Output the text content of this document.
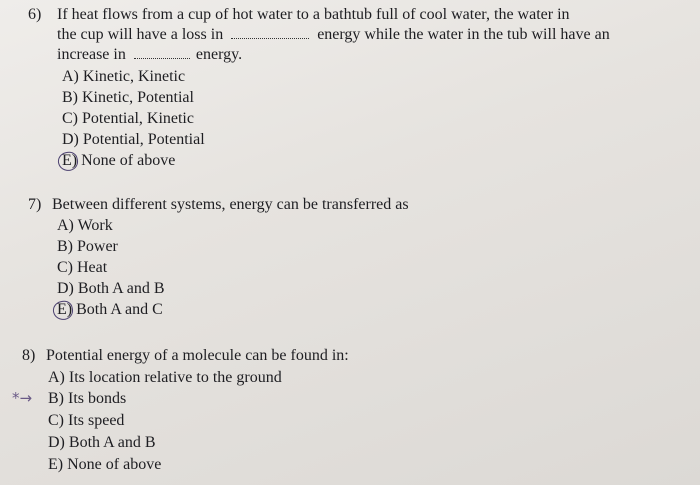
6) If heat flows from a cup of hot water to a bathtub full of cool water, the water in
the cup will have a loss in	energy while the water in the tub will have an
increase in	energy.
A) Kinetic, Kinetic
B) Kinetic, Potential
C) Potential, Kinetic
D) Potential, Potential
E) None of above
7) Between different systems, energy can be transferred as
A) Work
B) Power
C) Heat
D) Both A and B
E) Both A and C
8) Potential energy of a molecule can be found in:
A) Its location relative to the ground
*→ B) Its bonds
C) Its speed
D) Both A and B
E) None of above
